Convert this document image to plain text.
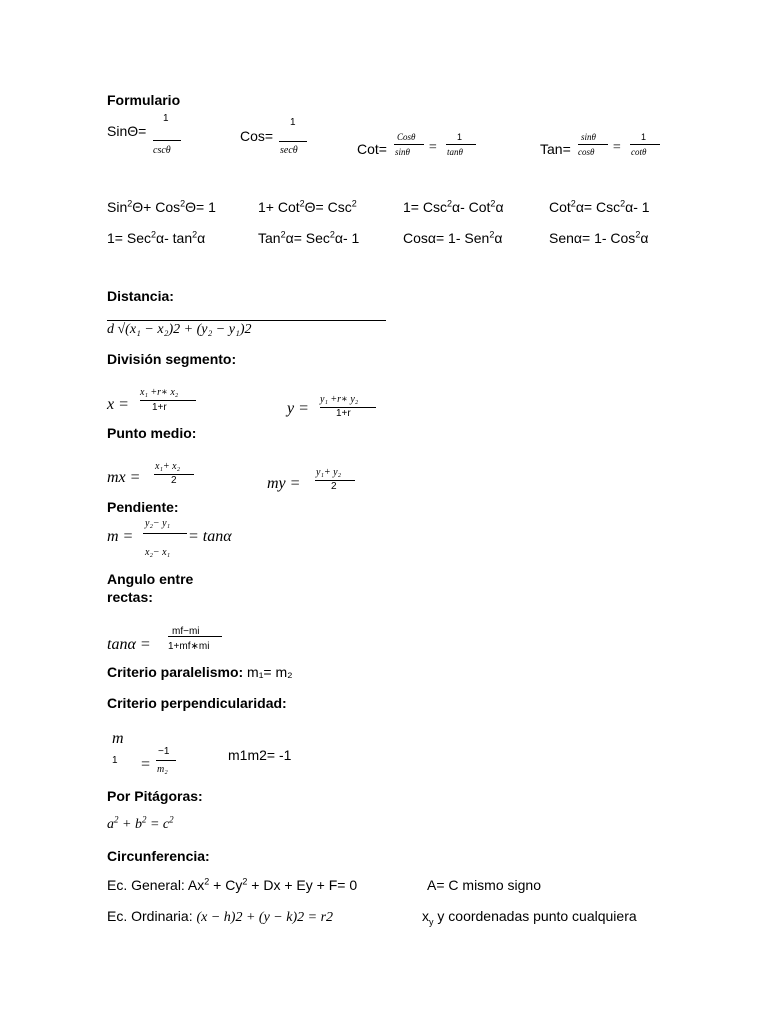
Formulario
SinΘ=
1
cscθ
Cos=
1
secθ	Cot=
Cosθ
sinθ =
1
tanθ	Tan=
sinθ
cosθ =
1
cotθ
Sin$^2$Θ+ Cos$^2$Θ= 1	1+ Cot$^2$Θ= Csc$^2$	1= Csc$^2$α- Cot$^2$α	Cot$^2$α= Csc$^2$α- 1
1= Sec$^2$α- $\tan^2\alpha$	Tan$^2$α= Sec$^2$α- 1	Cosα= 1- Sen$^2$α	Senα= 1- Cos$^2$α
Distancia:
d √(x₁ − x₂)2 + (y₂ − y₁)2
División segmento:
x =
x₁ +r∗ x₂
1+r	y =
y₁ +r∗ y₂
1+r
Punto medio:
mx =
x₁+ x₂
2	my =
y₁+ y₂
2
Pendiente:
m =
y₂− y₁
x₂− x₁
= tanα
Angulo entre
rectas:
tanα =
mf−mi
1+mf∗mi
Criterio paralelismo: m₁= m₂
Criterio perpendicularidad:
m
1 =
−1
m₂
m1m2= -1
Por Pitágoras:
$a^2 + b^2 = c^2$
Circunferencia:
Ec. General: $Ax^2 + Cy^2 + Dx + Ey + F= 0$	A= C mismo signo
Ec. Ordinaria: (x − h)2 + (y − k)2 = r2	$x_y$ y coordenadas punto cualquiera
